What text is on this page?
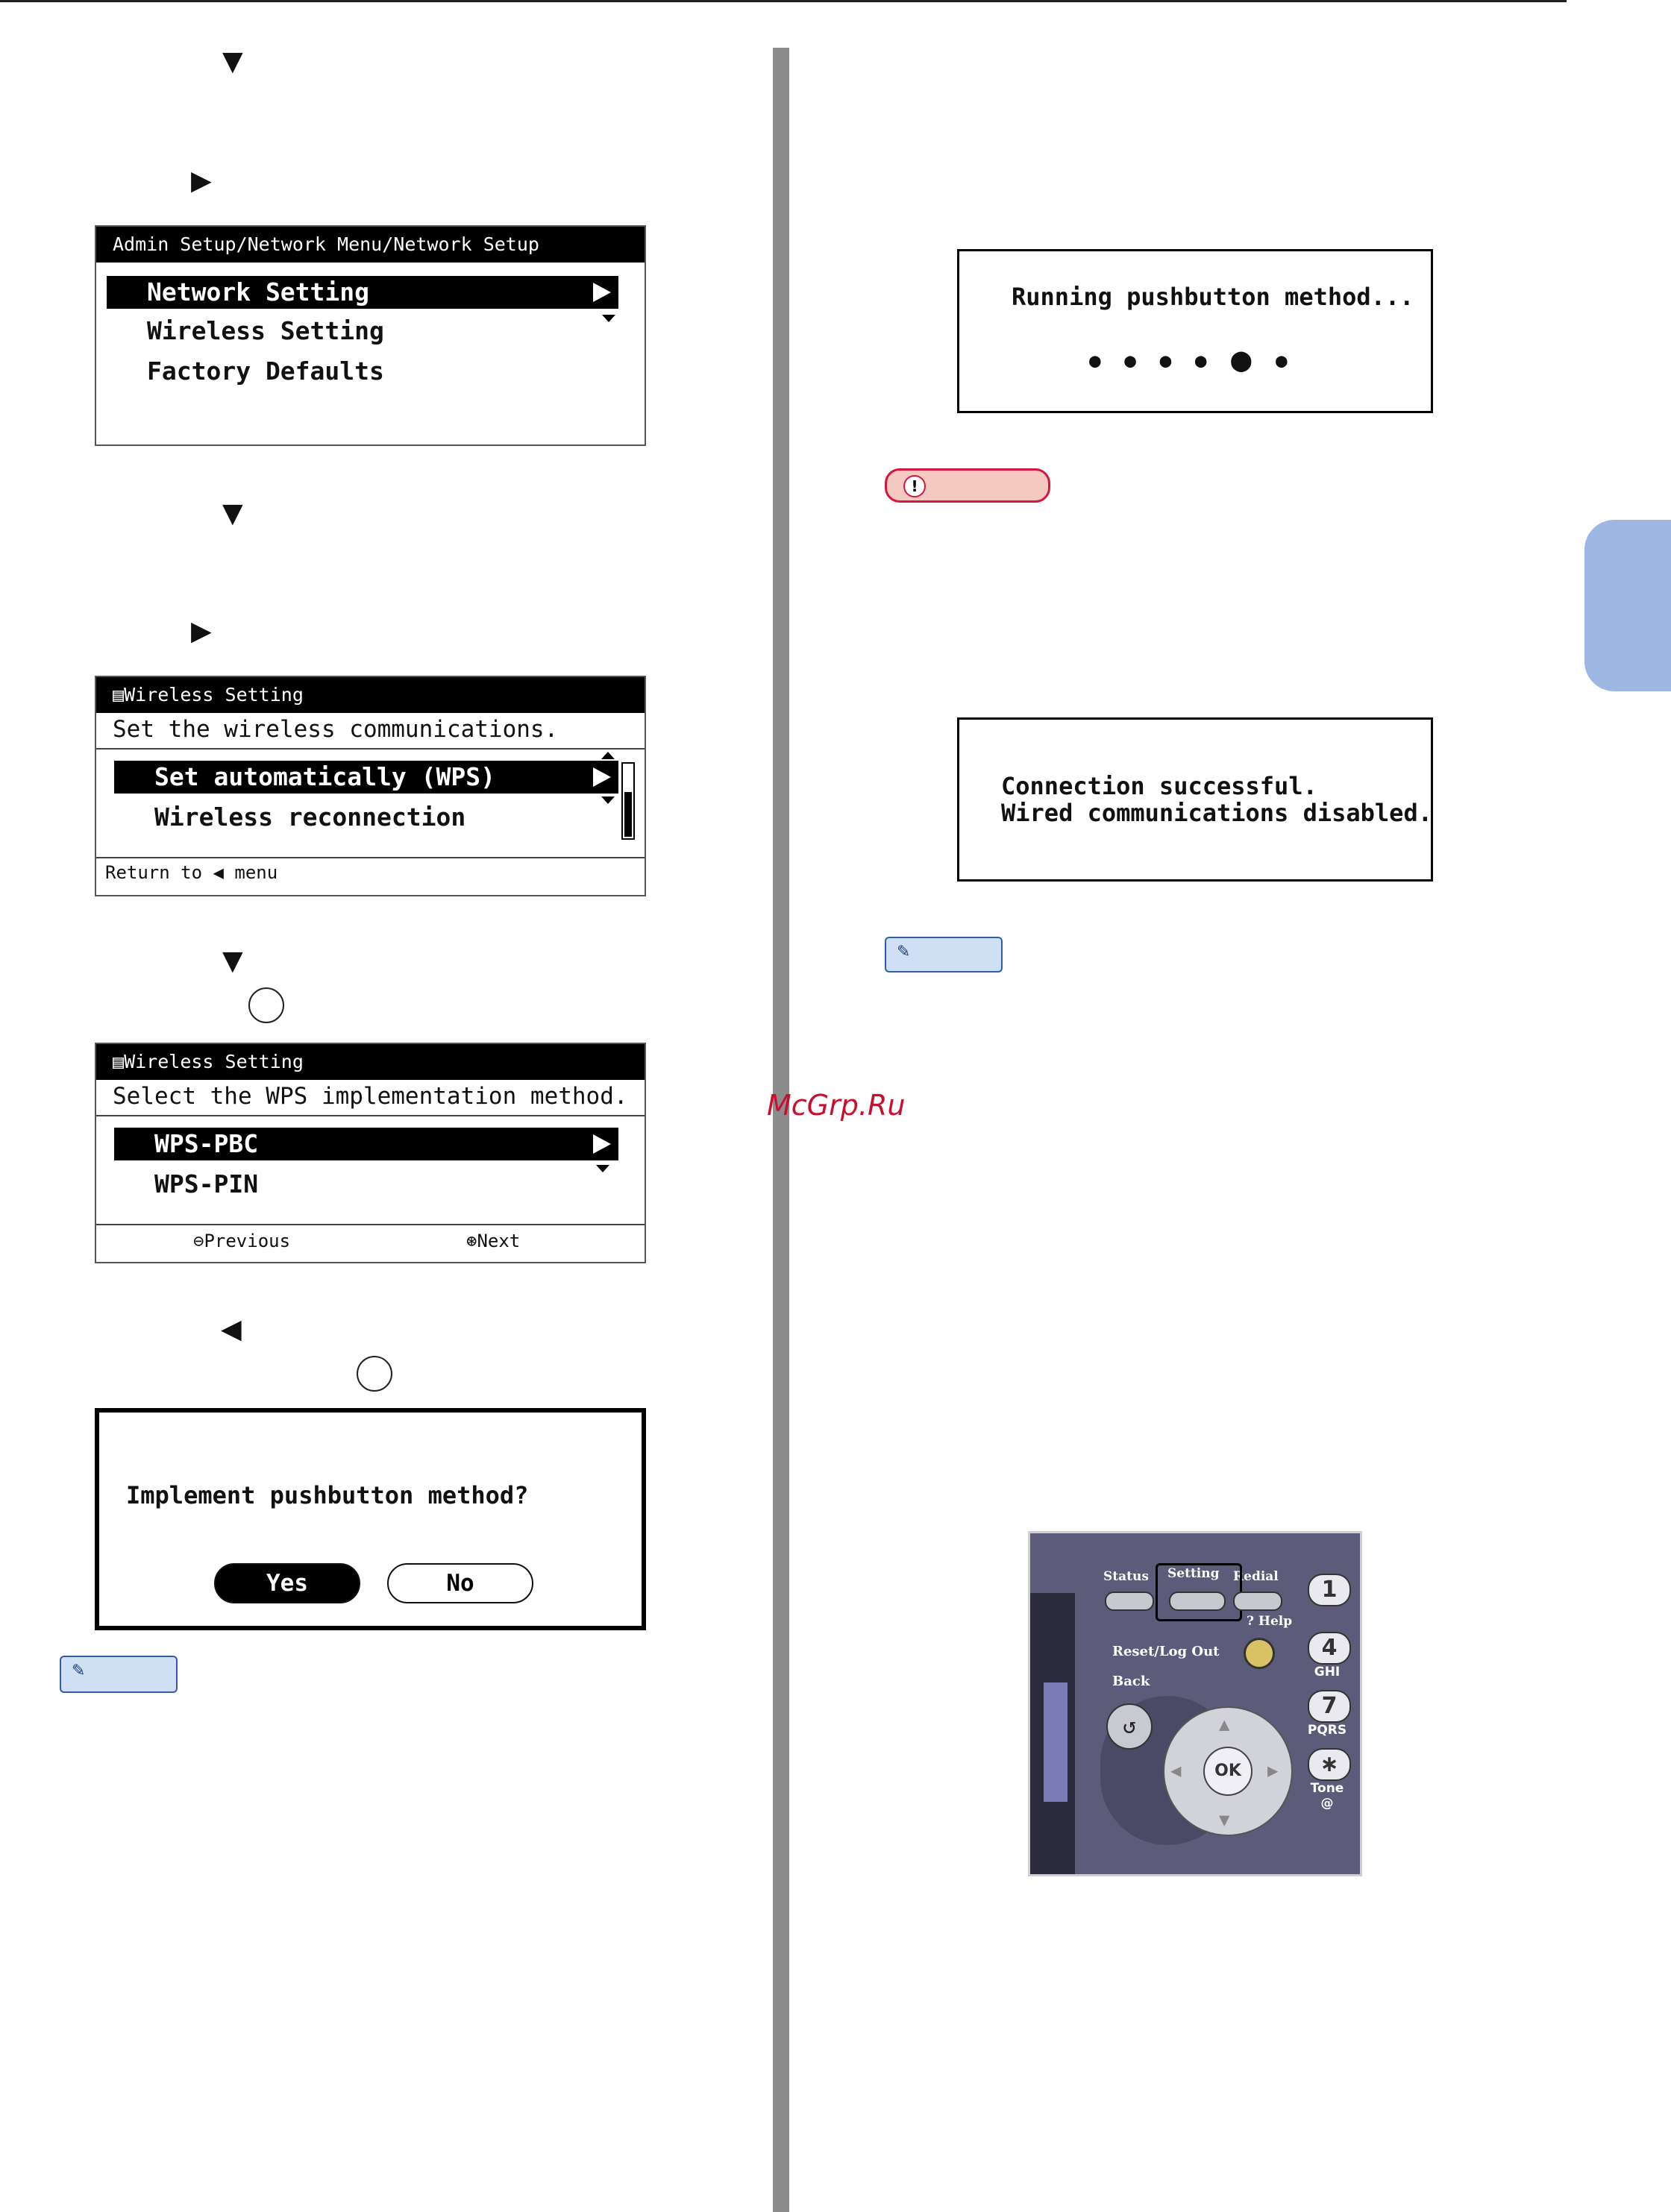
▼
▶
Admin Setup/Network Menu/Network Setup
Network Setting
Wireless Setting
Factory Defaults
▼
▶
▤Wireless Setting
Set the wireless communications.
Set automatically (WPS)
Wireless reconnection
Return to ◀ menu
▼
▤Wireless Setting
Select the WPS implementation method.
WPS-PBC
WPS-PIN
⊖Previous	⊛Next
◀
Implement pushbutton method?
Yes	No
✎
Running pushbutton method...
● ● ● ● ⬤ ●
!
Connection successful.
Wired communications disabled.
✎
McGrp.Ru
Status Setting Redial
? Help
Reset/Log Out
Back
↺	▲
▼
◀	▶
OK
1
4
GHI
7
PQRS
∗
Tone @
